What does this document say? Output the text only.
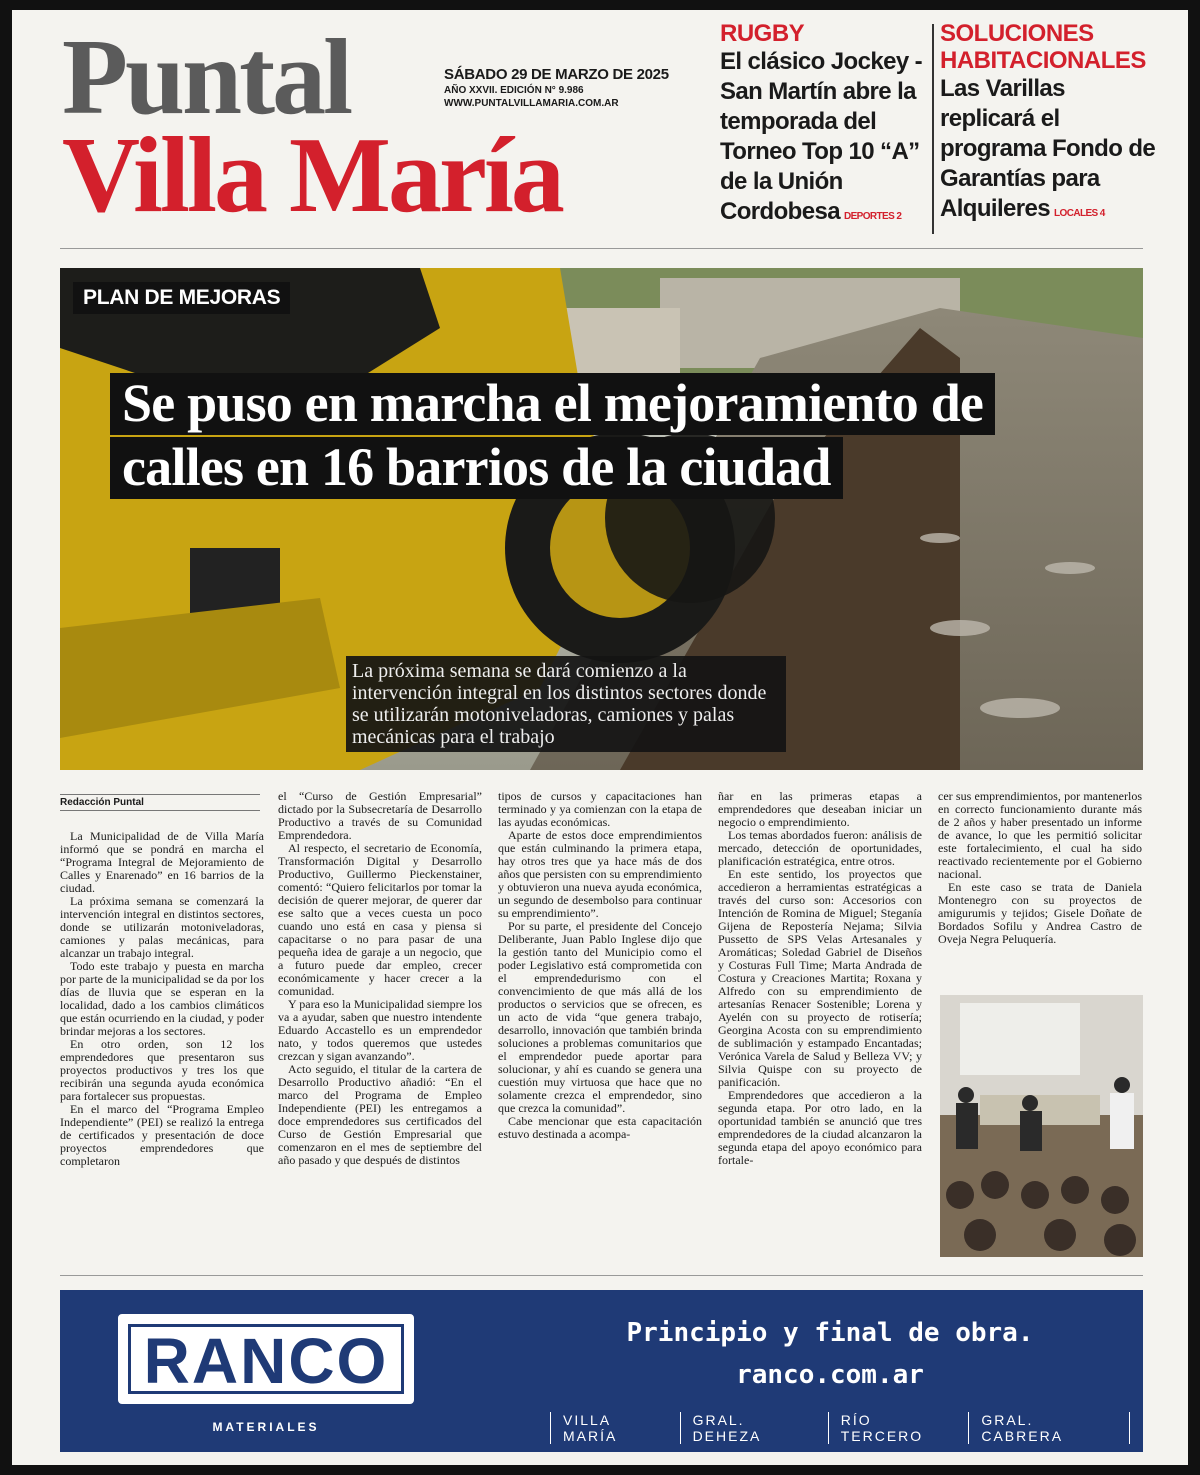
Puntal
Villa María
SÁBADO 29 DE MARZO DE 2025
AÑO XXVII. EDICIÓN N° 9.986
WWW.PUNTALVILLAMARIA.COM.AR
RUGBY
El clásico Jockey - San Martín abre la temporada del Torneo Top 10 “A” de la Unión Cordobesa DEPORTES 2
SOLUCIONES HABITACIONALES
Las Varillas replicará el programa Fondo de Garantías para Alquileres LOCALES 4
PLAN DE MEJORAS
Se puso en marcha el mejoramiento de calles en 16 barrios de la ciudad
La próxima semana se dará comienzo a la intervención integral en los distintos sectores donde se utilizarán motoniveladoras, camiones y palas mecánicas para el trabajo
Redacción Puntal

La Municipalidad de de Villa María informó que se pondrá en marcha el “Programa Integral de Mejoramiento de Calles y Enarenado” en 16 barrios de la ciudad.

La próxima semana se comenzará la intervención integral en distintos sectores, donde se utilizarán motoniveladoras, camiones y palas mecánicas, para alcanzar un trabajo integral.

Todo este trabajo y puesta en marcha por parte de la municipalidad se da por los días de lluvia que se esperan en la localidad, dado a los cambios climáticos que están ocurriendo en la ciudad, y poder brindar mejoras a los sectores.

En otro orden, son 12 los emprendedores que presentaron sus proyectos productivos y tres los que recibirán una segunda ayuda económica para fortalecer sus propuestas.

En el marco del “Programa Empleo Independiente” (PEI) se realizó la entrega de certificados y presentación de doce proyectos emprendedores que completaron

el “Curso de Gestión Empresarial” dictado por la Subsecretaría de Desarrollo Productivo a través de su Comunidad Emprendedora.

Al respecto, el secretario de Economía, Transformación Digital y Desarrollo Productivo, Guillermo Pieckenstainer, comentó: “Quiero felicitarlos por tomar la decisión de querer mejorar, de querer dar ese salto que a veces cuesta un poco cuando uno está en casa y piensa si capacitarse o no para pasar de una pequeña idea de garaje a un negocio, que a futuro puede dar empleo, crecer económicamente y hacer crecer a la comunidad.

Y para eso la Municipalidad siempre los va a ayudar, saben que nuestro intendente Eduardo Accastello es un emprendedor nato, y todos queremos que ustedes crezcan y sigan avanzando”.

Acto seguido, el titular de la cartera de Desarrollo Productivo añadió: “En el marco del Programa de Empleo Independiente (PEI) les entregamos a doce emprendedores sus certificados del Curso de Gestión Empresarial que comenzaron en el mes de septiembre del año pasado y que después de distintos

tipos de cursos y capacitaciones han terminado y ya comienzan con la etapa de las ayudas económicas.

Aparte de estos doce emprendimientos que están culminando la primera etapa, hay otros tres que ya hace más de dos años que persisten con su emprendimiento y obtuvieron una nueva ayuda económica, un segundo de desembolso para continuar su emprendimiento”.

Por su parte, el presidente del Concejo Deliberante, Juan Pablo Inglese dijo que la gestión tanto del Municipio como el poder Legislativo está comprometida con el emprendedurismo con el convencimiento de que más allá de los productos o servicios que se ofrecen, es un acto de vida “que genera trabajo, desarrollo, innovación que también brinda soluciones a problemas comunitarios que el emprendedor puede aportar para solucionar, y ahí es cuando se genera una cuestión muy virtuosa que hace que no solamente crezca el emprendedor, sino que crezca la comunidad”.

Cabe mencionar que esta capacitación estuvo destinada a acompa-

ñar en las primeras etapas a emprendedores que deseaban iniciar un negocio o emprendimiento.

Los temas abordados fueron: análisis de mercado, detección de oportunidades, planificación estratégica, entre otros.

En este sentido, los proyectos que accedieron a herramientas estratégicas a través del curso son: Accesorios con Intención de Romina de Miguel; Steganía Gijena de Repostería Nejama; Silvia Pussetto de SPS Velas Artesanales y Aromáticas; Soledad Gabriel de Diseños y Costuras Full Time; Marta Andrada de Costura y Creaciones Martita; Roxana y Alfredo con su emprendimiento de artesanías Renacer Sostenible; Lorena y Ayelén con su proyecto de rotisería; Georgina Acosta con su emprendimiento de sublimación y estampado Encantadas; Verónica Varela de Salud y Belleza VV; y Silvia Quispe con su proyecto de panificación.

Emprendedores que accedieron a la segunda etapa. Por otro lado, en la oportunidad también se anunció que tres emprendedores de la ciudad alcanzaron la segunda etapa del apoyo económico para fortale-

cer sus emprendimientos, por mantenerlos en correcto funcionamiento durante más de 2 años y haber presentado un informe de avance, lo que les permitió solicitar este fortalecimiento, el cual ha sido reactivado recientemente por el Gobierno nacional.

En este caso se trata de Daniela Montenegro con su proyectos de amigurumis y tejidos; Gisele Doñate de Bordados Sofilu y Andrea Castro de Oveja Negra Peluquería.

RANCO
MATERIALES
Principio y final de obra.
ranco.com.ar
VILLA MARÍA
GRAL. DEHEZA
RÍO TERCERO
GRAL. CABRERA
